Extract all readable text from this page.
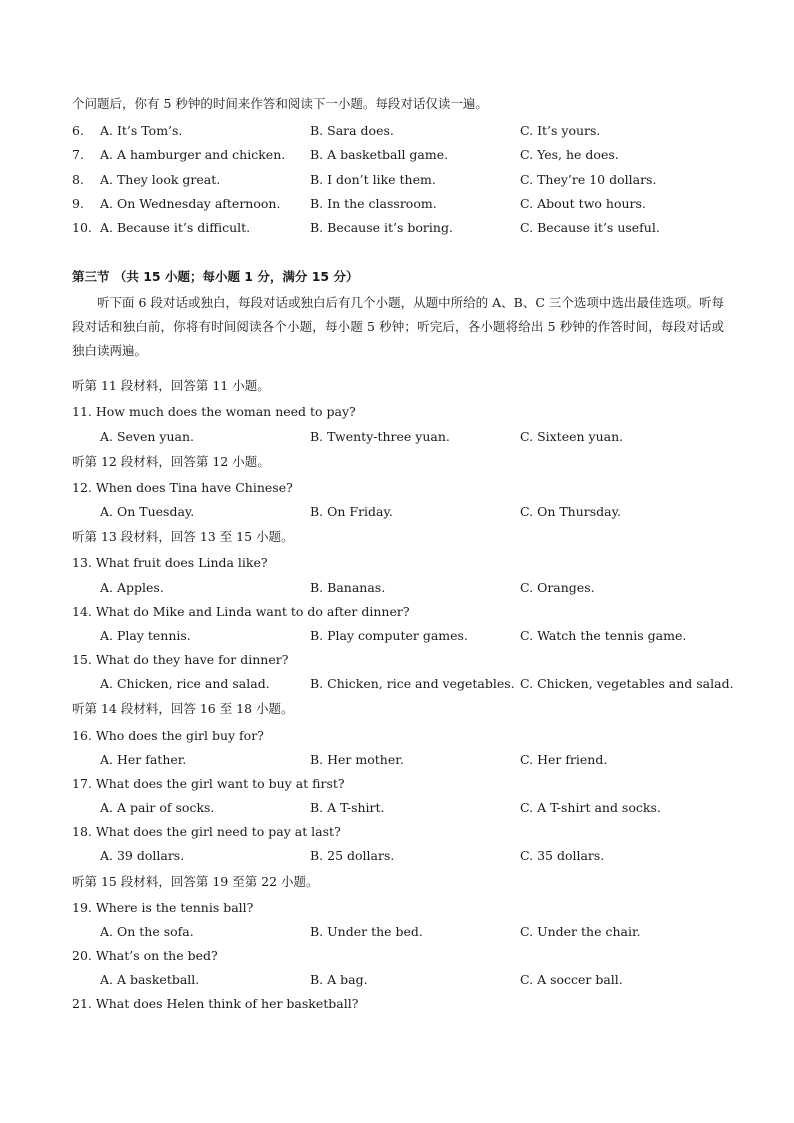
个问题后，你有 5 秒钟的时间来作答和阅读下一小题。每段对话仅读一遍。
6. A. It’s Tom’s.	B. Sara does.	C. It’s yours.
7. A. A hamburger and chicken. B. A basketball game.	C. Yes, he does.
8. A. They look great.	B. I don’t like them.	C. They’re 10 dollars.
9. A. On Wednesday afternoon. B. In the classroom.	C. About two hours.
10. A. Because it’s difficult.	B. Because it’s boring.	C. Because it’s useful.
第三节 （共 15 小题；每小题 1 分，满分 15 分）
听下面 6 段对话或独白，每段对话或独白后有几个小题，从题中所给的 A、B、C 三个选项中选出最佳选项。听每段对话和独白前，你将有时间阅读各个小题，每小题 5 秒钟；听完后，各小题将给出 5 秒钟的作答时间，每段对话或独白读两遍。
听第 11 段材料，回答第 11 小题。
11. How much does the woman need to pay?
A. Seven yuan.	B. Twenty-three yuan.	C. Sixteen yuan.
听第 12 段材料，回答第 12 小题。
12. When does Tina have Chinese?
A. On Tuesday.	B. On Friday.	C. On Thursday.
听第 13 段材料，回答 13 至 15 小题。
13. What fruit does Linda like?
A. Apples.	B. Bananas.	C. Oranges.
14. What do Mike and Linda want to do after dinner?
A. Play tennis.	B. Play computer games.	C. Watch the tennis game.
15. What do they have for dinner?
A. Chicken, rice and salad.	B. Chicken, rice and vegetables. C. Chicken, vegetables and salad.
听第 14 段材料，回答 16 至 18 小题。
16. Who does the girl buy for?
A. Her father.	B. Her mother.	C. Her friend.
17. What does the girl want to buy at first?
A. A pair of socks.	B. A T-shirt.	C. A T-shirt and socks.
18. What does the girl need to pay at last?
A. 39 dollars.	B. 25 dollars.	C. 35 dollars.
听第 15 段材料，回答第 19 至第 22 小题。
19. Where is the tennis ball?
A. On the sofa.	B. Under the bed.	C. Under the chair.
20. What’s on the bed?
A. A basketball.	B. A bag.	C. A soccer ball.
21. What does Helen think of her basketball?
